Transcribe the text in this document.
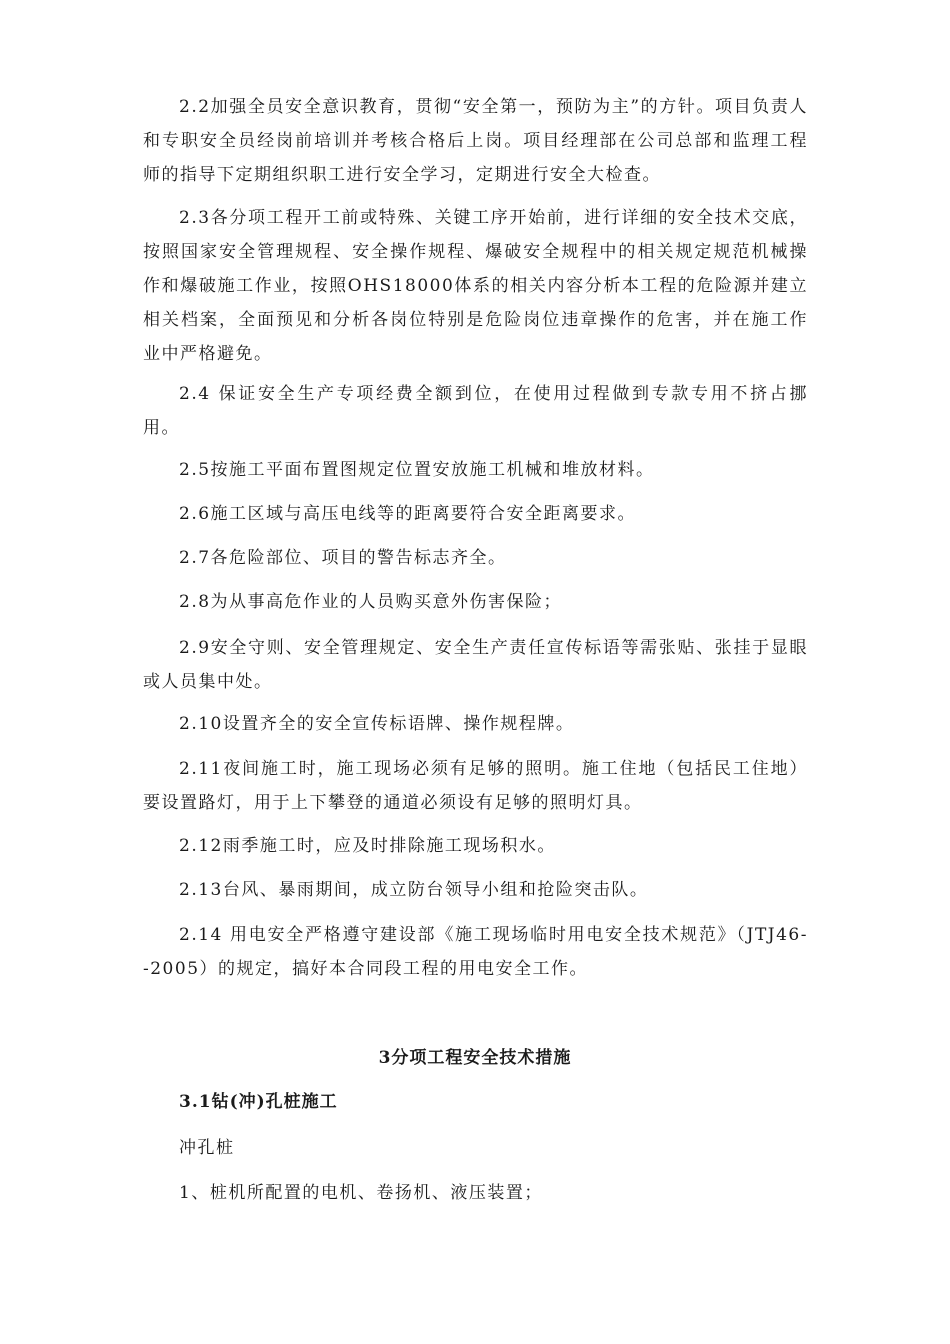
2.2加强全员安全意识教育，贯彻“安全第一，预防为主”的方针。项目负责人和专职安全员经岗前培训并考核合格后上岗。项目经理部在公司总部和监理工程师的指导下定期组织职工进行安全学习，定期进行安全大检查。

2.3各分项工程开工前或特殊、关键工序开始前，进行详细的安全技术交底，按照国家安全管理规程、安全操作规程、爆破安全规程中的相关规定规范机械操作和爆破施工作业，按照OHS18000体系的相关内容分析本工程的危险源并建立相关档案，全面预见和分析各岗位特别是危险岗位违章操作的危害，并在施工作业中严格避免。

2.4 保证安全生产专项经费全额到位，在使用过程做到专款专用不挤占挪用。

2.5按施工平面布置图规定位置安放施工机械和堆放材料。

2.6施工区域与高压电线等的距离要符合安全距离要求。

2.7各危险部位、项目的警告标志齐全。

2.8为从事高危作业的人员购买意外伤害保险；

2.9安全守则、安全管理规定、安全生产责任宣传标语等需张贴、张挂于显眼或人员集中处。

2.10设置齐全的安全宣传标语牌、操作规程牌。

2.11夜间施工时，施工现场必须有足够的照明。施工住地（包括民工住地）要设置路灯，用于上下攀登的通道必须设有足够的照明灯具。

2.12雨季施工时，应及时排除施工现场积水。

2.13台风、暴雨期间，成立防台领导小组和抢险突击队。

2.14 用电安全严格遵守建设部《施工现场临时用电安全技术规范》（JTJ46--2005）的规定，搞好本合同段工程的用电安全工作。

3分项工程安全技术措施
3.1钻(冲)孔桩施工

冲孔桩

1、桩机所配置的电机、卷扬机、液压装置；
